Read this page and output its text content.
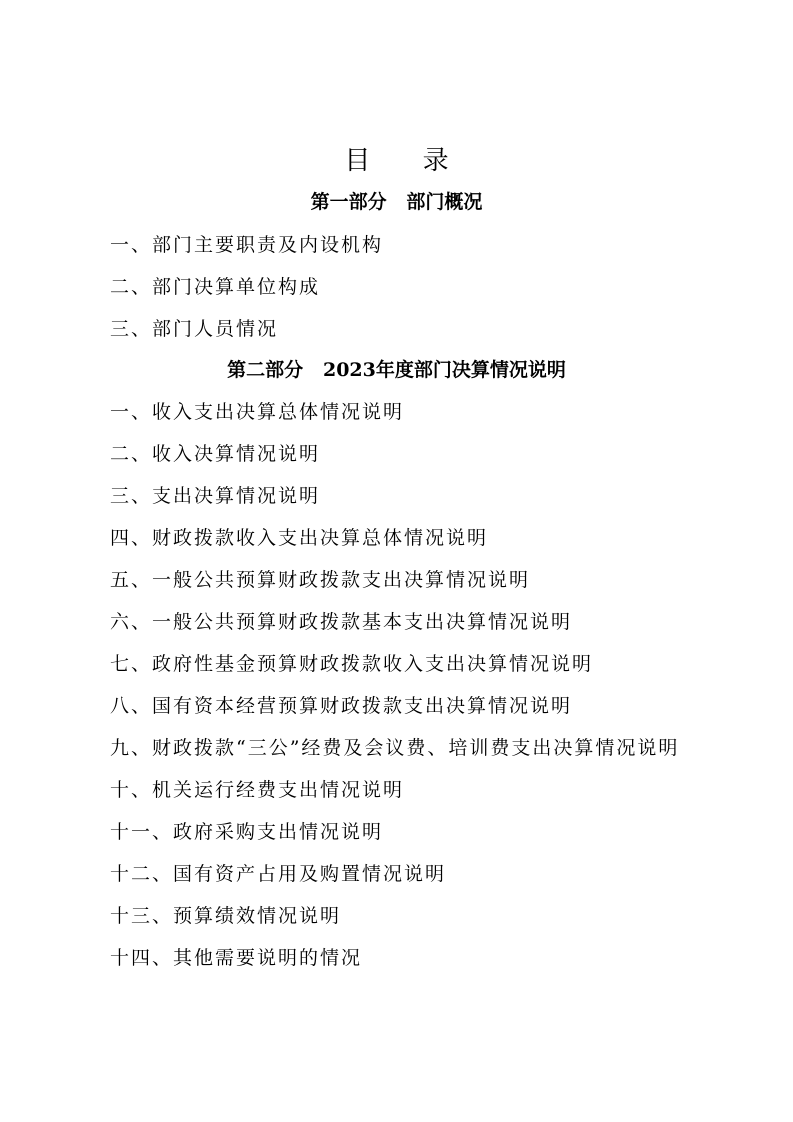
目 录
第一部分   部门概况
一、部门主要职责及内设机构
二、部门决算单位构成
三、部门人员情况
第二部分   2023年度部门决算情况说明
一、收入支出决算总体情况说明
二、收入决算情况说明
三、支出决算情况说明
四、财政拨款收入支出决算总体情况说明
五、一般公共预算财政拨款支出决算情况说明
六、一般公共预算财政拨款基本支出决算情况说明
七、政府性基金预算财政拨款收入支出决算情况说明
八、国有资本经营预算财政拨款支出决算情况说明
九、财政拨款“三公”经费及会议费、培训费支出决算情况说明
十、机关运行经费支出情况说明
十一、政府采购支出情况说明
十二、国有资产占用及购置情况说明
十三、预算绩效情况说明
十四、其他需要说明的情况
